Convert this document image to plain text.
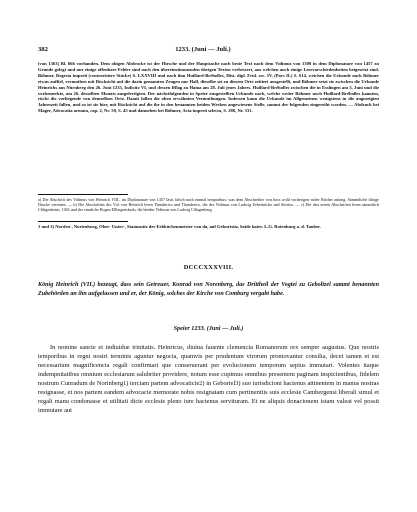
382	1233. (Juni — Juli.)

(von 1363) Bl. 66b vorhanden. Dem obigen Abdrucke ist der Hirsche und der Hauptsache nach beste Text nach dem Vidimus von 1309 in dem Diplomatare von 1457 zu Grunde gelegt und nur einige offenbare Fehler sind nach den übereinstimmenden übrigen Texten verbessert, aus welchen auch einige Lesevarschiedenheiten beigesetzt sind. Böhmer, Regesta imperii (centrorisiere Stücke) S. LXXVIII und nach ihm Huillard-Bréholles, Hist. dipl. Frid. sec. IV, (Pars II.) S. 614, weichen die Urkunde nach Böhmer etwas auffiel, vermuthen mit Rücksicht auf die darin genannten Zeugen nur Hall, dieselbe sei zu diesem Orte zeitiert ausgestellt, und Böhmer setzt sie zwischen die Urkunde Heinrichs aus Nürnberg den 26. Juni 1233, Indictio VI, und dessen Ifflag zu Haina am 28. Juli jenes Jahres. Huillard-Bréholles zwischen die in Esslingen am 5. Juni und die vorbemerkte, am 26. desselben Monats ausgefertigten. Der nächstfolgenden in Speier ausgestellten Urkunde nach, welche weder Böhmer noch Huillard-Bréholles kannten, rückt die vorliegende von demselben Orte. Damit fallen die oben erwähnten Vermuthungen. Indessen kann die Urkunde im Allgemeinen wenigstens in die angezeigten Jahreszeit fallen, und so ist sie hier, mit Rücksicht auf die ihr in den benannten beiden Werken angewiesene Stelle, sammt der folgenden eingereiht worden. — Abdruck bei Mager, Advocatia armata, cap. 2, Nr. 50, S. 45 und danneben bei Böhmer, Acta imperii selecta, S. 286, Nr. 331.

a) Die Abschrift des Vidimus von Heinrich VIII., im Diplomatare von 1457 lässt falsch nach einmal temporibus; was dem Abschreiber von hora wohl vorherigen wider Bücher anfang. Sämmtliche übrige Drucke vereinen. — b) Die Abschriften des Vid. von Heinrich lesen Thenderico und Thanderico, die des Vidimus von Ludwig Zeheinriche und Stirrius. — c) Die drei ersten Abschriften lesen sämmtlich Cfthgenheim, 1363 und der sinnliche Bogen Ellbegensbach, die beiden Vidimus von Ludwig Cfthgenberg.

1 und 2) Norden-, Norienburg, Ober- Unter-, Stammsitz der Erbküchenmeister von da, auf Geburtsitz, beide bater. L.G. Rotenburg a. d. Tauber.

DCCCXXXVIII.

König Heinrich (VII.) bezeugt, dass sein Getreuer, Konrad von Norenberg, das Drittheil der Vogtei zu Geboltzel sammt benannten Zubehörden an ihn aufgelassen und er, der König, solches der Kirche von Comburg vergabt habe.

Speier 1233. (Juni — Juli.)

In nomine sancte et indiuidue trinitatis. Heinricus, diuina fauente clemencia Romanorum rex semper augustus. Que nostris temporibus in regni nostri terminis aguntur negocia, quamvis per prudentum virorum promovantur consilia, decet tamen et est necessarium magnificencia regali confirmari que conseruerant per evolucionem temporum sepius immutari. Volentes itaque indempnitatibus omnium ecclesiarum salubriter providere, notum esse cupimus omnibus presentem paginam inspicientibus, fidelem nostrum Cunradum de Norinberg1) terciam partem advocaticie2) in Geboriel3) suo iurisdicioni hactenus attinentem in manus nostras resignasse, et nos partem eandem advocacie memorate nobis resignatam cum pertinentiis suis ecclesie Cambergensi liberali simul et regali manu condonasse et utilitati dicte ecclesie pleno iure hactenus servituram. Et ne aliquis donacionem istam valeat vel possit immutare aut
